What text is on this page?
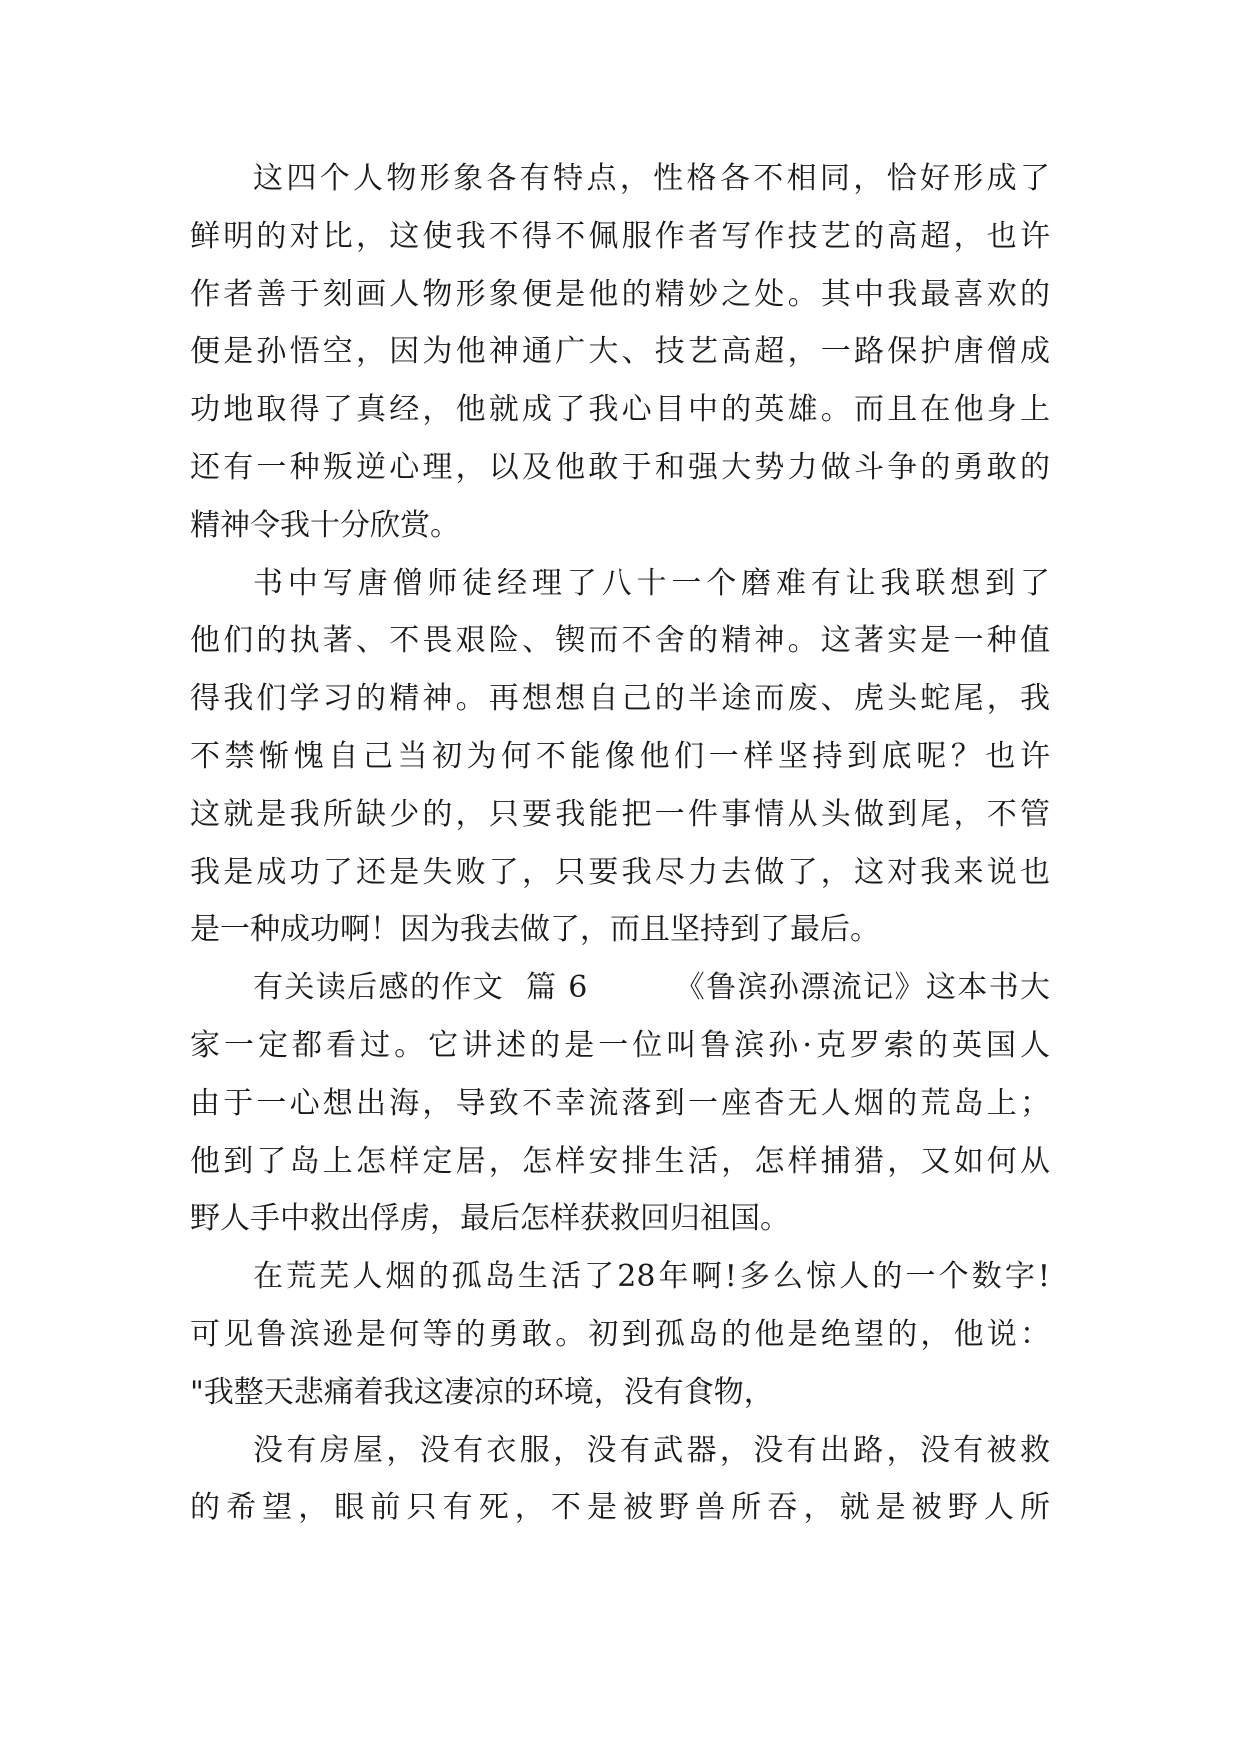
这四个人物形象各有特点，性格各不相同，恰好形成了
鲜明的对比，这使我不得不佩服作者写作技艺的高超，也许
作者善于刻画人物形象便是他的精妙之处。其中我最喜欢的
便是孙悟空，因为他神通广大、技艺高超，一路保护唐僧成
功地取得了真经，他就成了我心目中的英雄。而且在他身上
还有一种叛逆心理，以及他敢于和强大势力做斗争的勇敢的
精神令我十分欣赏。
书中写唐僧师徒经理了八十一个磨难有让我联想到了
他们的执著、不畏艰险、锲而不舍的精神。这著实是一种值
得我们学习的精神。再想想自己的半途而废、虎头蛇尾，我
不禁惭愧自己当初为何不能像他们一样坚持到底呢？也许
这就是我所缺少的，只要我能把一件事情从头做到尾，不管
我是成功了还是失败了，只要我尽力去做了，这对我来说也
是一种成功啊！因为我去做了，而且坚持到了最后。
有关读后感的作文  篇 6        《鲁滨孙漂流记》这本书大
家一定都看过。它讲述的是一位叫鲁滨孙·克罗索的英国人
由于一心想出海，导致不幸流落到一座杳无人烟的荒岛上；
他到了岛上怎样定居，怎样安排生活，怎样捕猎，又如何从
野人手中救出俘虏，最后怎样获救回归祖国。
在荒芜人烟的孤岛生活了28年啊!多么惊人的一个数字!
可见鲁滨逊是何等的勇敢。初到孤岛的他是绝望的，他说：
"我整天悲痛着我这凄凉的环境，没有食物，
没有房屋，没有衣服，没有武器，没有出路，没有被救
的希望，眼前只有死，不是被野兽所吞，就是被野人所
